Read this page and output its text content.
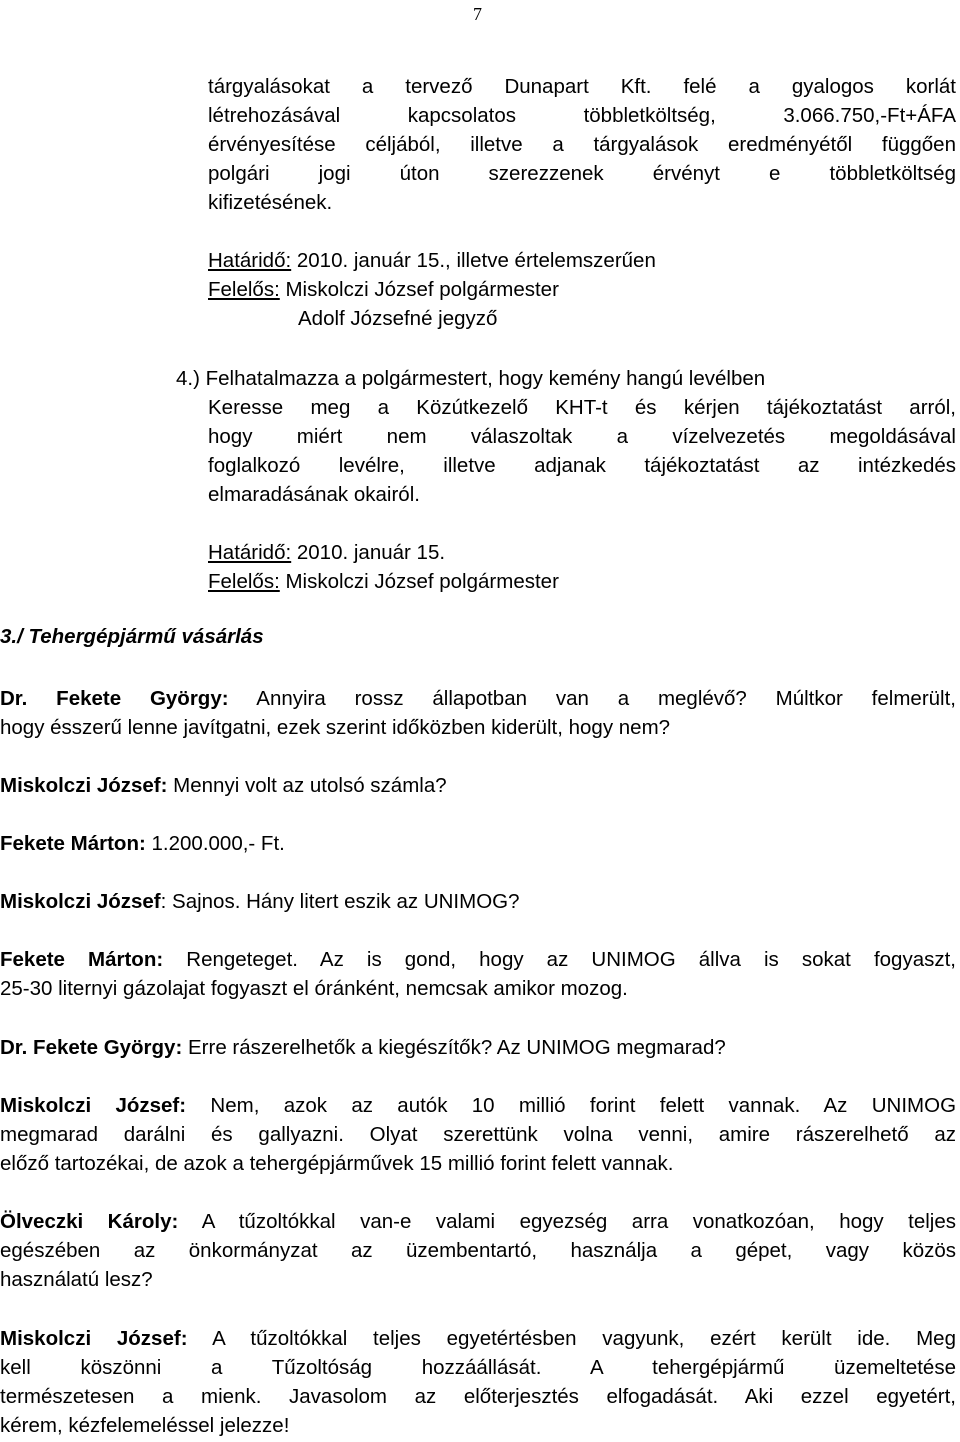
7
tárgyalásokat a tervező Dunapart Kft. felé a gyalogos korlát
létrehozásával kapcsolatos többletköltség, 3.066.750,-Ft+ÁFA
érvényesítése céljából, illetve a tárgyalások eredményétől függően
polgári jogi úton szerezzenek érvényt e többletköltség
kifizetésének.
Határidő: 2010. január 15., illetve értelemszerűen
Felelős: Miskolczi József polgármester
Adolf Józsefné jegyző
4.) Felhatalmazza a polgármestert, hogy kemény hangú levélben
Keresse meg a Közútkezelő KHT-t és kérjen tájékoztatást arról,
hogy miért nem válaszoltak a vízelvezetés megoldásával
foglalkozó levélre, illetve adjanak tájékoztatást az intézkedés
elmaradásának okairól.
Határidő: 2010. január 15.
Felelős: Miskolczi József polgármester
3./ Tehergépjármű vásárlás
Dr. Fekete György: Annyira rossz állapotban van a meglévő? Múltkor felmerült,
hogy ésszerű lenne javítgatni, ezek szerint időközben kiderült, hogy nem?
Miskolczi József: Mennyi volt az utolsó számla?
Fekete Márton: 1.200.000,- Ft.
Miskolczi József: Sajnos. Hány litert eszik az UNIMOG?
Fekete Márton: Rengeteget. Az is gond, hogy az UNIMOG állva is sokat fogyaszt,
25-30 liternyi gázolajat fogyaszt el óránként, nemcsak amikor mozog.
Dr. Fekete György: Erre rászerelhetők a kiegészítők? Az UNIMOG megmarad?
Miskolczi József: Nem, azok az autók 10 millió forint felett vannak. Az UNIMOG
megmarad darálni és gallyazni. Olyat szerettünk volna venni, amire rászerelhető az
előző tartozékai, de azok a tehergépjárművek 15 millió forint felett vannak.
Ölveczki Károly: A tűzoltókkal van-e valami egyezség arra vonatkozóan, hogy teljes
egészében az önkormányzat az üzembentartó, használja a gépet, vagy közös
használatú lesz?
Miskolczi József: A tűzoltókkal teljes egyetértésben vagyunk, ezért került ide. Meg
kell köszönni a Tűzoltóság hozzáállását. A tehergépjármű üzemeltetése
természetesen a mienk. Javasolom az előterjesztés elfogadását. Aki ezzel egyetért,
kérem, kézfelemeléssel jelezze!
